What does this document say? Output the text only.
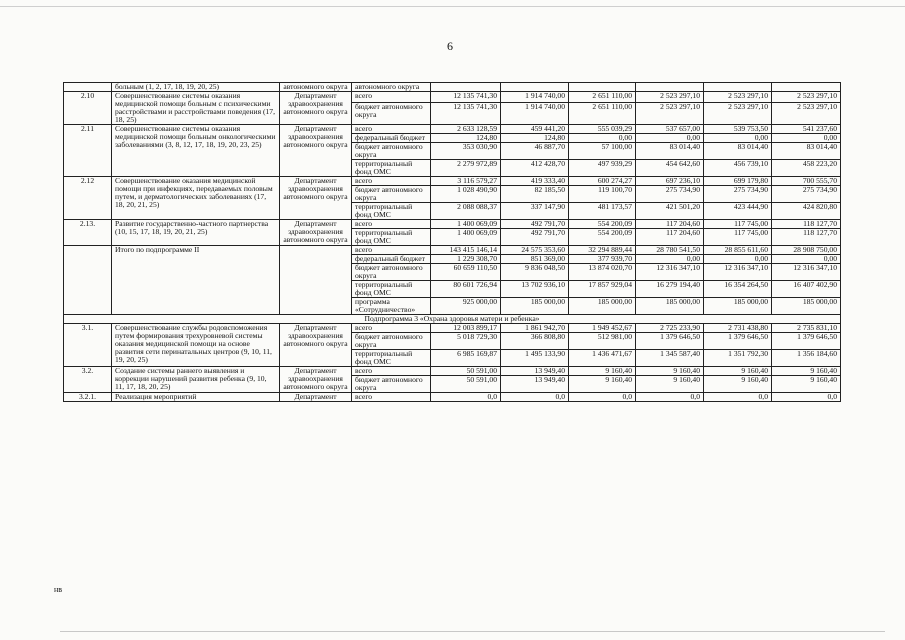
6
	больным (1, 2, 17, 18, 19, 20, 25)	автономного округа	автономного округа						
2.10	Совершенствование системы оказания медицинской помощи больным с психическими расстройствами и расстройствами поведения (17, 18, 25)	Департамент здравоохранения автономного округа	всего	12 135 741,30	1 914 740,00	2 651 110,00	2 523 297,10	2 523 297,10	2 523 297,10
			бюджет автономного округа	12 135 741,30	1 914 740,00	2 651 110,00	2 523 297,10	2 523 297,10	2 523 297,10
2.11	Совершенствование системы оказания медицинской помощи больным онкологическими заболеваниями (3, 8, 12, 17, 18, 19, 20, 23, 25)	Департамент здравоохранения автономного округа	всего	2 633 128,59	459 441,20	555 039,29	537 657,00	539 753,50	541 237,60
			федеральный бюджет	124,80	124,80	0,00	0,00	0,00	0,00
			бюджет автономного округа	353 030,90	46 887,70	57 100,00	83 014,40	83 014,40	83 014,40
			территориальный фонд ОМС	2 279 972,89	412 428,70	497 939,29	454 642,60	456 739,10	458 223,20
2.12	Совершенствование оказания медицинской помощи при инфекциях, передаваемых половым путем, и дерматологических заболеваниях (17, 18, 20, 21, 25)	Департамент здравоохранения автономного округа	всего	3 116 579,27	419 333,40	600 274,27	697 236,10	699 179,80	700 555,70
			бюджет автономного округа	1 028 490,90	82 185,50	119 100,70	275 734,90	275 734,90	275 734,90
			территориальный фонд ОМС	2 088 088,37	337 147,90	481 173,57	421 501,20	423 444,90	424 820,80
2.13.	Развитие государственно-частного партнерства (10, 15, 17, 18, 19, 20, 21, 25)	Департамент здравоохранения автономного округа	всего	1 400 069,09	492 791,70	554 200,09	117 204,60	117 745,00	118 127,70
			территориальный фонд ОМС	1 400 069,09	492 791,70	554 200,09	117 204,60	117 745,00	118 127,70
	Итого по подпрограмме II		всего	143 415 146,14	24 575 353,60	32 294 889,44	28 780 541,50	28 855 611,60	28 908 750,00
			федеральный бюджет	1 229 308,70	851 369,00	377 939,70	0,00	0,00	0,00
			бюджет автономного округа	60 659 110,50	9 836 048,50	13 874 020,70	12 316 347,10	12 316 347,10	12 316 347,10
			территориальный фонд ОМС	80 601 726,94	13 702 936,10	17 857 929,04	16 279 194,40	16 354 264,50	16 407 402,90
			программа «Сотрудничество»	925 000,00	185 000,00	185 000,00	185 000,00	185 000,00	185 000,00
Подпрограмма 3 «Охрана здоровья матери и ребенка»									
3.1.	Совершенствование службы родовспоможения путем формирования трехуровневой системы оказания медицинской помощи на основе развития сети перинатальных центров (9, 10, 11, 19, 20, 25)	Департамент здравоохранения автономного округа	всего	12 003 899,17	1 861 942,70	1 949 452,67	2 725 233,90	2 731 438,80	2 735 831,10
			бюджет автономного округа	5 018 729,30	366 808,80	512 981,00	1 379 646,50	1 379 646,50	1 379 646,50
			территориальный фонд ОМС	6 985 169,87	1 495 133,90	1 436 471,67	1 345 587,40	1 351 792,30	1 356 184,60
3.2.	Создание системы раннего выявления и коррекции нарушений развития ребенка (9, 10, 11, 17, 18, 20, 25)	Департамент здравоохранения автономного округа	всего	50 591,00	13 949,40	9 160,40	9 160,40	9 160,40	9 160,40
			бюджет автономного округа	50 591,00	13 949,40	9 160,40	9 160,40	9 160,40	9 160,40
3.2.1.	Реализация мероприятий	Департамент	всего	0,0	0,0	0,0	0,0	0,0	0,0
нв
